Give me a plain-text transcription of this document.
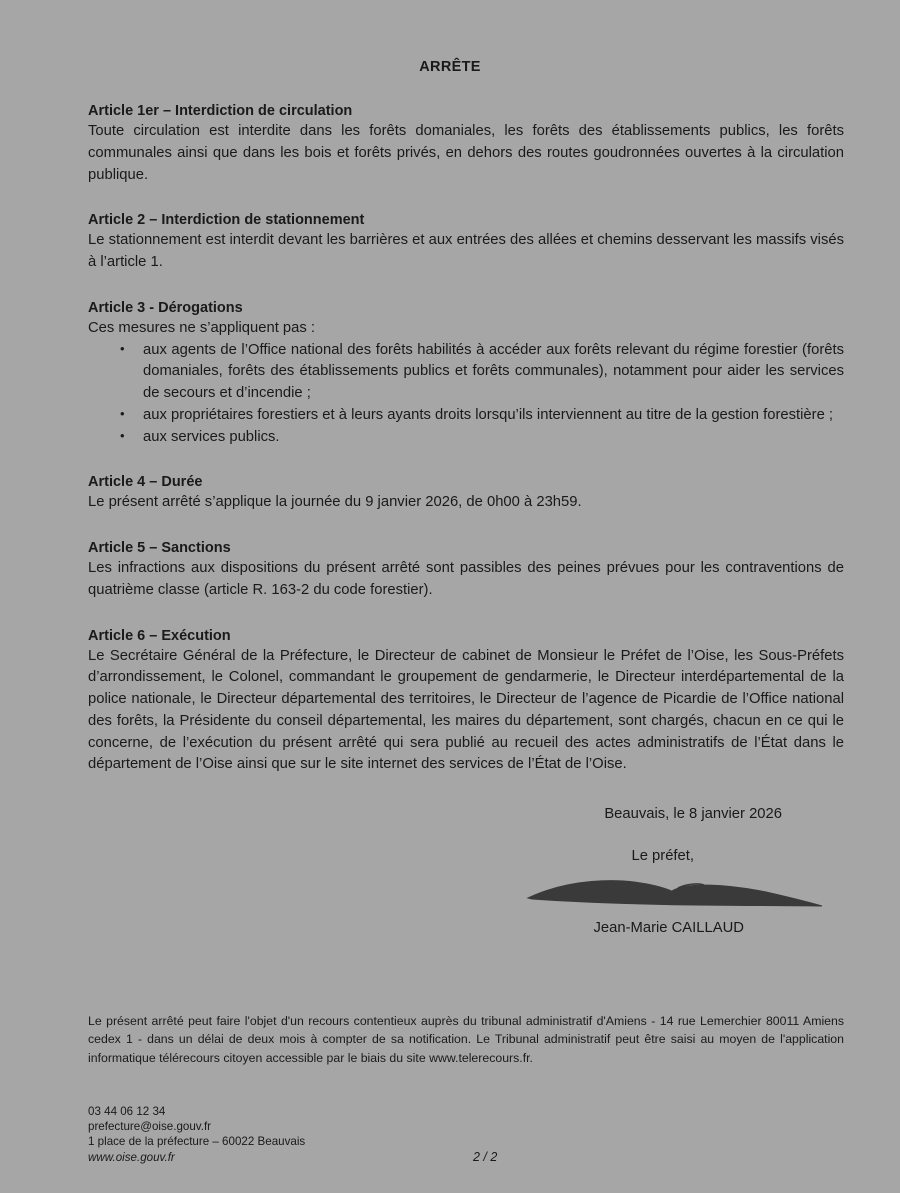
ARRÊTE
Article 1er – Interdiction de circulation

Toute circulation est interdite dans les forêts domaniales, les forêts des établissements publics, les forêts communales ainsi que dans les bois et forêts privés, en dehors des routes goudronnées ouvertes à la circulation publique.

Article 2 – Interdiction de stationnement

Le stationnement est interdit devant les barrières et aux entrées des allées et chemins desservant les massifs visés à l’article 1.

Article 3 - Dérogations

Ces mesures ne s’appliquent pas :

• aux agents de l’Office national des forêts habilités à accéder aux forêts relevant du régime forestier (forêts domaniales, forêts des établissements publics et forêts communales), notamment pour aider les services de secours et d’incendie ;
• aux propriétaires forestiers et à leurs ayants droits lorsqu’ils interviennent au titre de la gestion forestière ;
• aux services publics.
Article 4 – Durée

Le présent arrêté s’applique la journée du 9 janvier 2026, de 0h00 à 23h59.

Article 5 – Sanctions

Les infractions aux dispositions du présent arrêté sont passibles des peines prévues pour les contraventions de quatrième classe (article R. 163-2 du code forestier).

Article 6 – Exécution

Le Secrétaire Général de la Préfecture, le Directeur de cabinet de Monsieur le Préfet de l’Oise, les Sous-Préfets d’arrondissement, le Colonel, commandant le groupement de gendarmerie, le Directeur interdépartemental de la police nationale, le Directeur départemental des territoires, le Directeur de l’agence de Picardie de l’Office national des forêts, la Présidente du conseil départemental, les maires du département, sont chargés, chacun en ce qui le concerne, de l’exécution du présent arrêté qui sera publié au recueil des actes administratifs de l’État dans le département de l’Oise ainsi que sur le site internet des services de l’État de l’Oise.

Beauvais, le 8 janvier 2026
Le préfet,
Jean-Marie CAILLAUD
Le présent arrêté peut faire l'objet d'un recours contentieux auprès du tribunal administratif d'Amiens - 14 rue Lemerchier 80011 Amiens cedex 1 - dans un délai de deux mois à compter de sa notification. Le Tribunal administratif peut être saisi au moyen de l'application informatique télérecours citoyen accessible par le biais du site www.telerecours.fr.
03 44 06 12 34
prefecture@oise.gouv.fr
1 place de la préfecture – 60022 Beauvais
www.oise.gouv.fr	2 / 2
